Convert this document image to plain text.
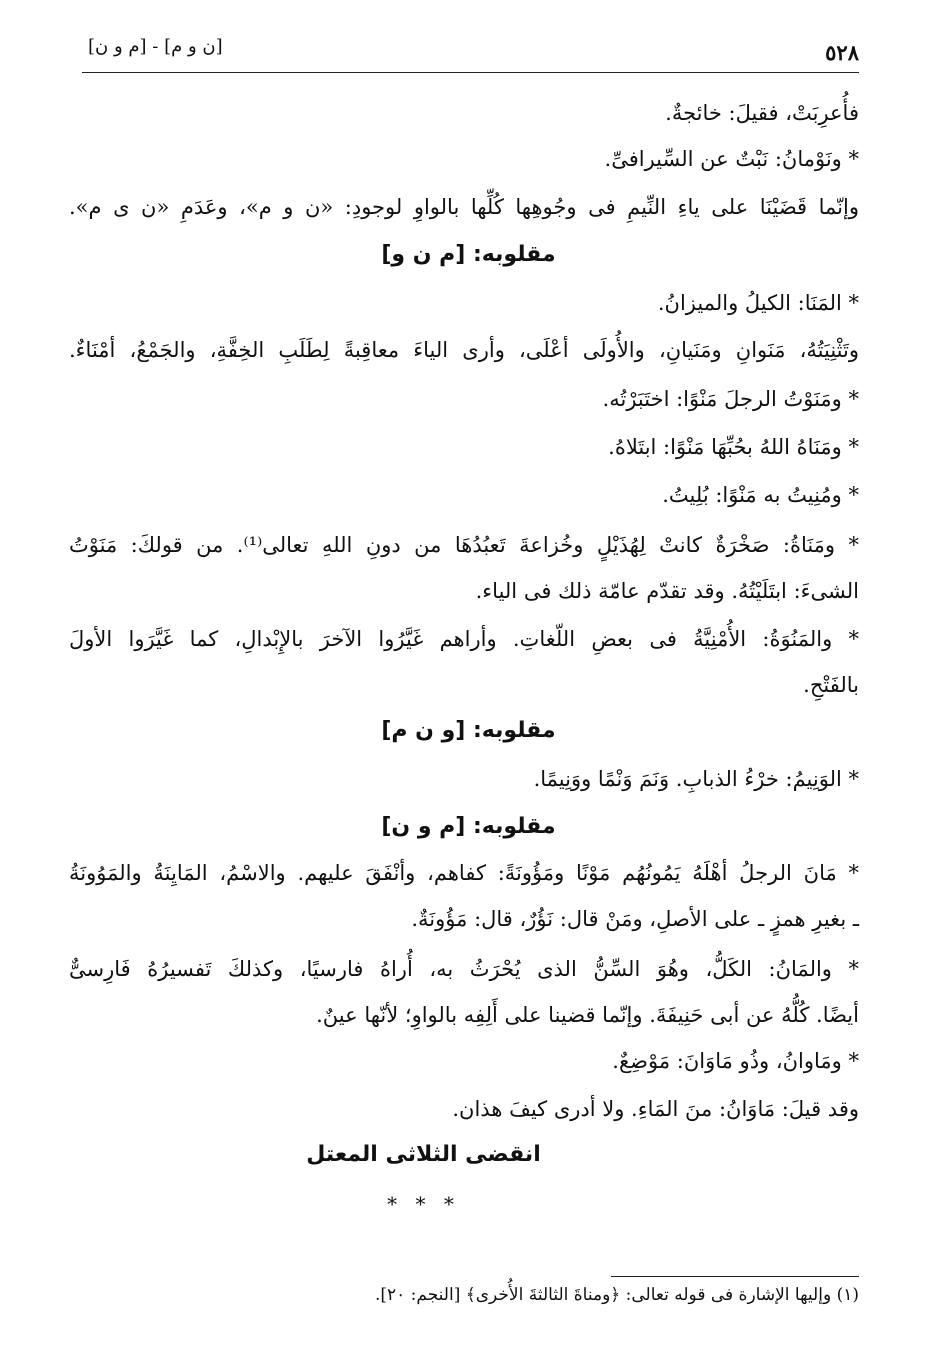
٥٢٨
[ن و م] - [م و ن]
فأُعرِبَتْ، فقيلَ: خائجةٌ.
* ونَوْمانُ: نَبْتٌ عن السِّيرافىِّ.
وإنّما قَضَيْنَا على ياءِ النِّيمِ فى وجُوهِها كُلِّها بالواوِ لوجودِ: «ن و م»، وعَدَمِ «ن ى م».
مقلوبه: [م ن و]
* المَنَا: الكيلُ والميزانُ.
وتَثْنِيَتُهُ، مَنَوانِ ومَنَيانِ، والأُولَى أعْلَى، وأرى الياءَ معاقِبةً لِطَلَبِ الخِفَّةِ، والجَمْعُ، أمْنَاءٌ.
* ومَنَوْتُ الرجلَ مَنْوًا: اختَبَرْتُه.
* ومَنَاهُ اللهُ بحُبِّهَا مَنْوًا: ابتَلاهُ.
* ومُنِيتُ به مَنْوًا: بُلِيتُ.
* ومَنَاةُ: صَخْرَةٌ كانتْ لِهُذَيْلٍ وخُزاعةَ تَعبُدُهَا من دونِ اللهِ تعالى⁽¹⁾. من قولكَ: مَنَوْتُ
الشىءَ: ابتَلَيْتُهُ. وقد تقدّم عامّة ذلك فى الياء.
* والمَنُوَةُ: الأُمْنِيَّةُ فى بعضِ اللّغاتِ. وأراهم غَيَّرُوا الآخرَ بالإِبْدالِ، كما غَيَّرَوا الأولَ
بالفَتْحِ.
مقلوبه: [و ن م]
* الوَنِيمُ: خرْءُ الذبابِ. وَنَمَ وَنْمًا ووَنِيمًا.
مقلوبه: [م و ن]
* مَانَ الرجلُ أهْلَهُ يَمُونُهُم مَوْنًا ومَؤُونَةً: كفاهم، وأنْفَقَ عليهم. والاسْمُ، المَايِنَةُ والمَوُونَةُ
ـ بغيرِ همزٍ ـ على الأصلِ، ومَنْ قال: نَؤُرٌ، قال: مَؤُونَةٌ.
* والمَانُ: الكَلُّ، وهُوَ السِّنُّ الذى يُحْرَثُ به، أُراهُ فارسيًا، وكذلكَ تَفسيرُهُ فَارِسىٌّ
أيضًا. كُلُّهُ عن أبى حَنِيفَةَ. وإنّما قضينا على أَلِفِه بالواوِ؛ لأنّها عينٌ.
* ومَاوانُ، وذُو مَاوَانَ: مَوْضِعٌ.
وقد قيلَ: مَاوَانُ: منَ المَاءِ. ولا أدرى كيفَ هذان.
انقضى الثلاثى المعتل
* * *
(١) وإليها الإشارة فى قوله تعالى: ﴿ومناةَ الثالثةَ الأُخرى﴾ [النجم: ٢٠].
